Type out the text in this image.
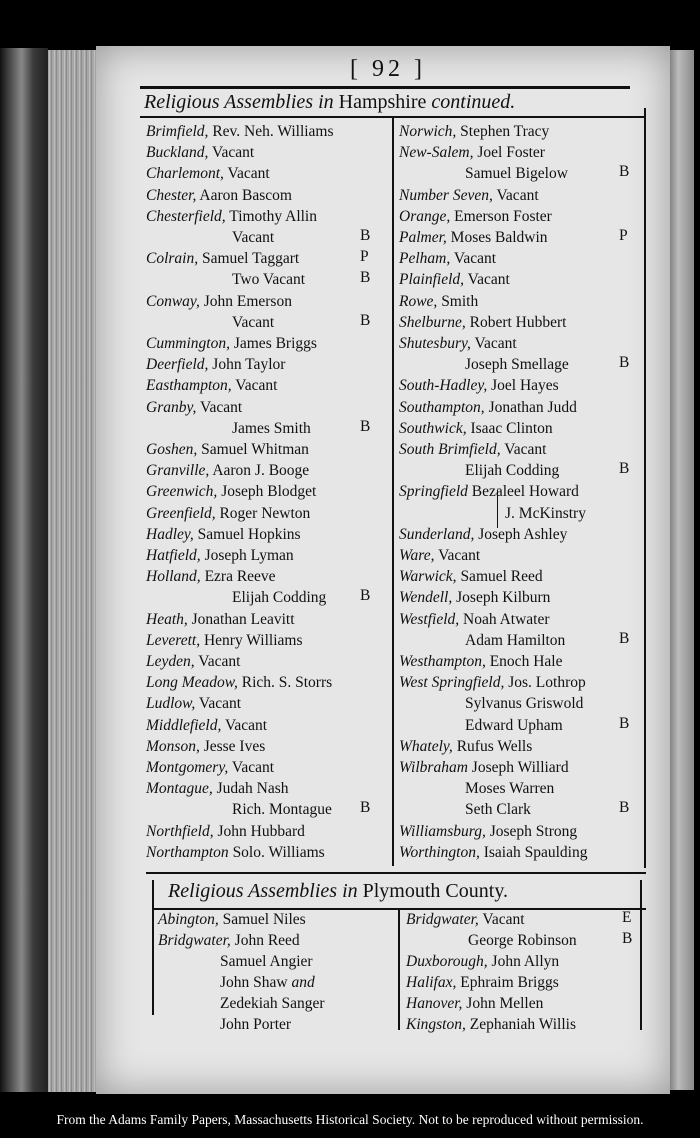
[ 92 ]
Religious Assemblies in Hampshire continued.
Brimfield, Rev. Neh. Williams
Buckland, Vacant
Charlemont, Vacant
Chester, Aaron Bascom
Chesterfield, Timothy Allin
Vacant	B
Colrain, Samuel Taggart	P
Two Vacant	B
Conway, John Emerson
Vacant	B
Cummington, James Briggs
Deerfield, John Taylor
Easthampton, Vacant
Granby, Vacant
James Smith	B
Goshen, Samuel Whitman
Granville, Aaron J. Booge
Greenwich, Joseph Blodget
Greenfield, Roger Newton
Hadley, Samuel Hopkins
Hatfield, Joseph Lyman
Holland, Ezra Reeve
Elijah Codding B
Heath, Jonathan Leavitt
Leverett, Henry Williams
Leyden, Vacant
Long Meadow, Rich. S. Storrs
Ludlow, Vacant
Middlefield, Vacant
Monson, Jesse Ives
Montgomery, Vacant
Montague, Judah Nash
Rich. Montague B
Northfield, John Hubbard
Northampton Solo. Williams
Norwich, Stephen Tracy
New-Salem, Joel Foster
Samuel Bigelow	B
Number Seven, Vacant
Orange, Emerson Foster
Palmer, Moses Baldwin	P
Pelham, Vacant
Plainfield, Vacant
Rowe, Smith
Shelburne, Robert Hubbert
Shutesbury, Vacant
Joseph Smellage	B
South-Hadley, Joel Hayes
Southampton, Jonathan Judd
Southwick, Isaac Clinton
South Brimfield, Vacant
Elijah Codding	B
Springfield Bezaleel Howard
J. McKinstry
Sunderland, Joseph Ashley
Ware, Vacant
Warwick, Samuel Reed
Wendell, Joseph Kilburn
Westfield, Noah Atwater
Adam Hamilton	B
Westhampton, Enoch Hale
West Springfield, Jos. Lothrop
Sylvanus Griswold
Edward Upham	B
Whately, Rufus Wells
Wilbraham Joseph Williard
Moses Warren
Seth Clark	B
Williamsburg, Joseph Strong
Worthington, Isaiah Spaulding
Religious Assemblies in Plymouth County.
Abington, Samuel Niles
Bridgwater, John Reed
Samuel Angier
John Shaw and
Zedekiah Sanger
John Porter
Bridgwater, Vacant	E
George Robinson	B
Duxborough, John Allyn
Halifax, Ephraim Briggs
Hanover, John Mellen
Kingston, Zephaniah Willis
From the Adams Family Papers, Massachusetts Historical Society. Not to be reproduced without permission.
